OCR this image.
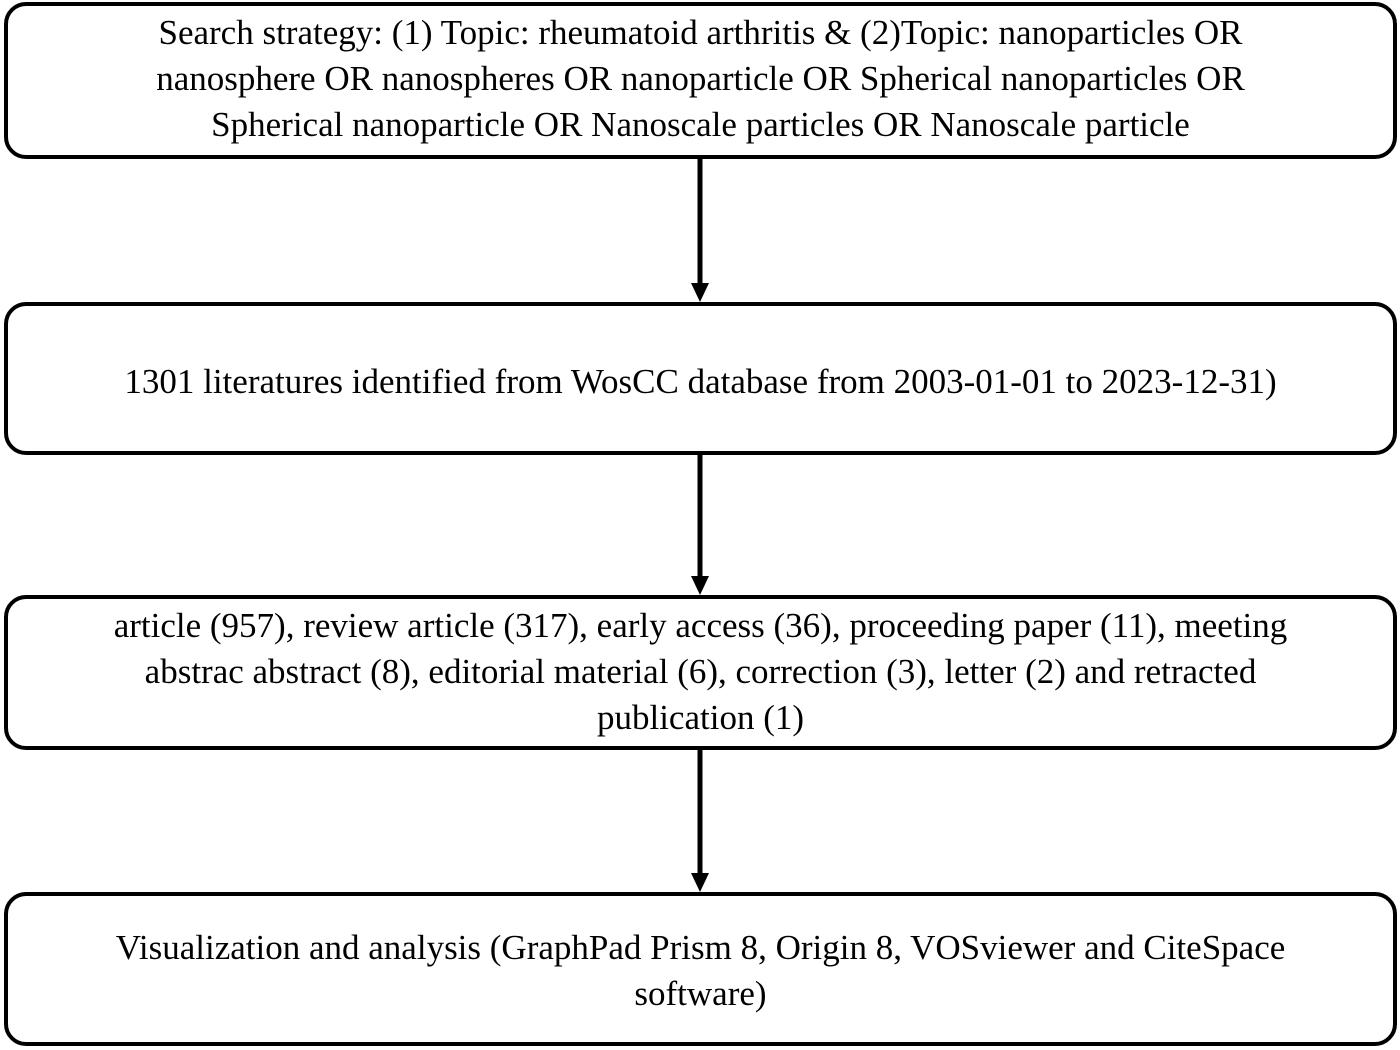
Search strategy: (1) Topic: rheumatoid arthritis & (2)Topic: nanoparticles OR
nanosphere OR nanospheres OR nanoparticle OR Spherical nanoparticles OR
Spherical nanoparticle OR Nanoscale particles OR Nanoscale particle
1301 literatures identified from WosCC database from 2003-01-01 to 2023-12-31)
article (957), review article (317), early access (36), proceeding paper (11), meeting
abstrac abstract (8), editorial material (6), correction (3), letter (2) and retracted
publication (1)
Visualization and analysis (GraphPad Prism 8, Origin 8, VOSviewer and CiteSpace
software)
